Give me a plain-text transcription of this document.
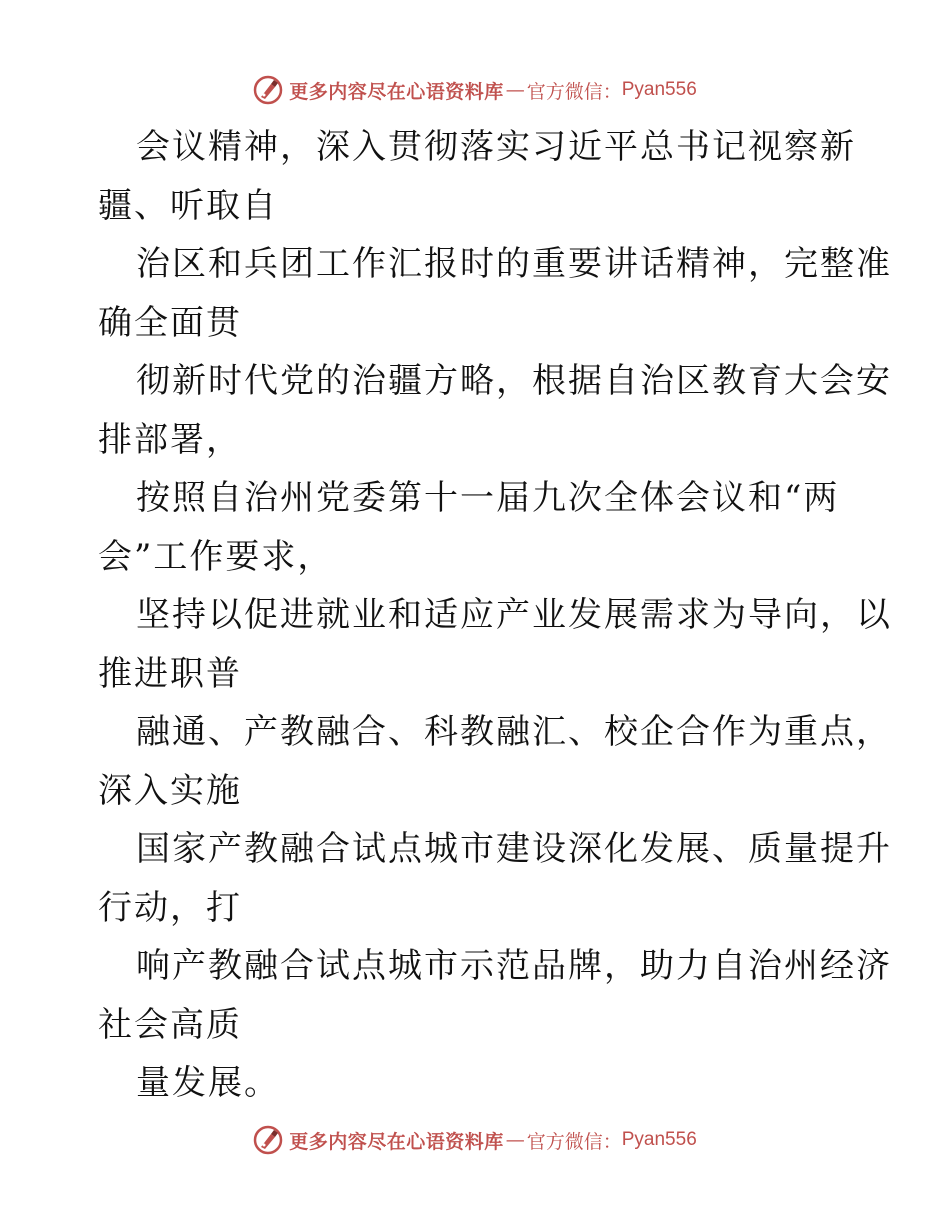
更多内容尽在心语资料库 — 官方微信： Pyan556
会议精神，深入贯彻落实习近平总书记视察新
疆、听取自
治区和兵团工作汇报时的重要讲话精神，完整准
确全面贯
彻新时代党的治疆方略，根据自治区教育大会安
排部署，
按照自治州党委第十一届九次全体会议和“两
会”工作要求，
坚持以促进就业和适应产业发展需求为导向，以
推进职普
融通、产教融合、科教融汇、校企合作为重点，
深入实施
国家产教融合试点城市建设深化发展、质量提升
行动，打
响产教融合试点城市示范品牌，助力自治州经济
社会高质
量发展。
更多内容尽在心语资料库 — 官方微信： Pyan556
